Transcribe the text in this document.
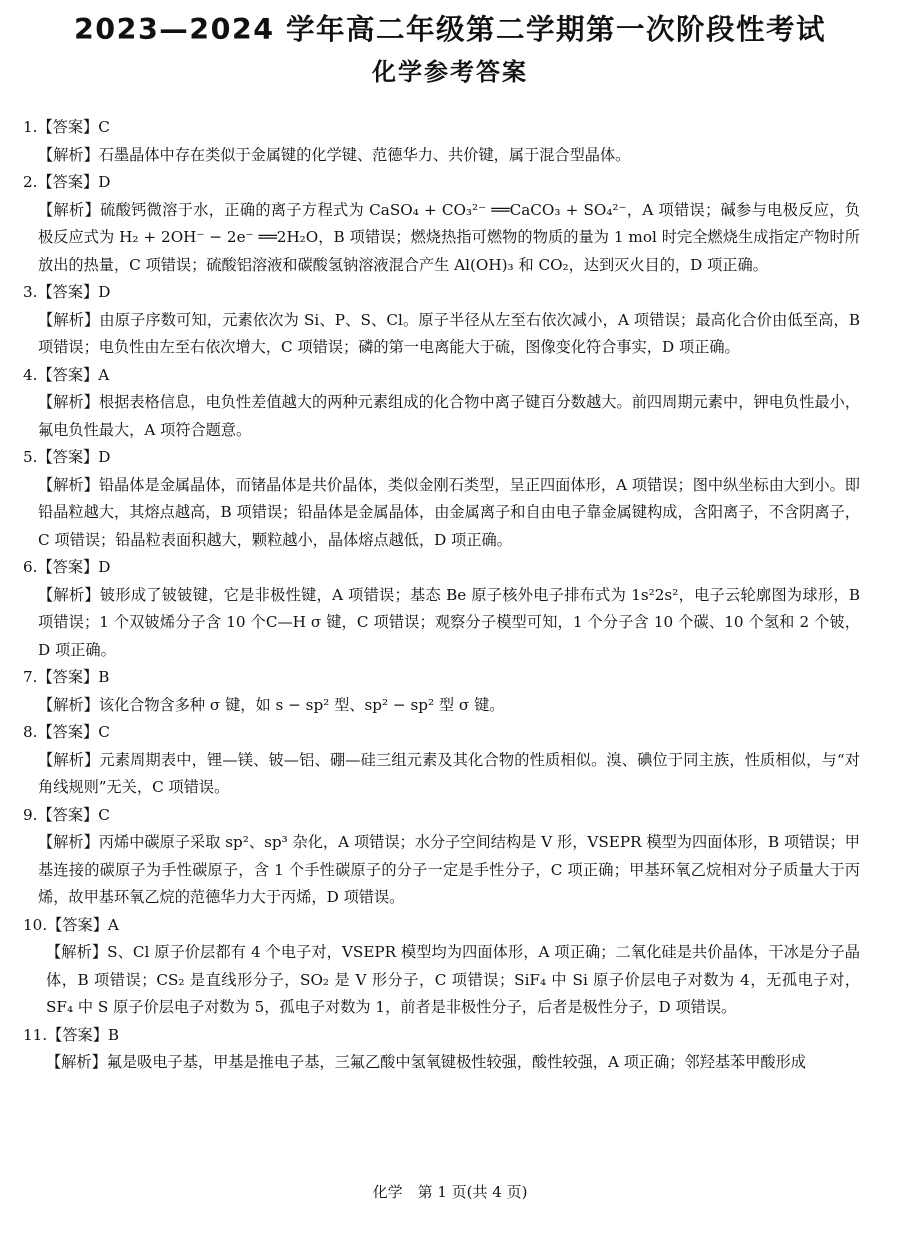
2023—2024 学年高二年级第二学期第一次阶段性考试
化学参考答案
1.【答案】C
【解析】石墨晶体中存在类似于金属键的化学键、范德华力、共价键，属于混合型晶体。
2.【答案】D
【解析】硫酸钙微溶于水，正确的离子方程式为 CaSO₄ + CO₃²⁻ ══CaCO₃ + SO₄²⁻，A 项错误；碱参与电极反应，负极反应式为 H₂ + 2OH⁻ − 2e⁻ ══2H₂O，B 项错误；燃烧热指可燃物的物质的量为 1 mol 时完全燃烧生成指定产物时所放出的热量，C 项错误；硫酸铝溶液和碳酸氢钠溶液混合产生 Al(OH)₃ 和 CO₂，达到灭火目的，D 项正确。
3.【答案】D
【解析】由原子序数可知，元素依次为 Si、P、S、Cl。原子半径从左至右依次减小，A 项错误；最高化合价由低至高，B 项错误；电负性由左至右依次增大，C 项错误；磷的第一电离能大于硫，图像变化符合事实，D 项正确。
4.【答案】A
【解析】根据表格信息，电负性差值越大的两种元素组成的化合物中离子键百分数越大。前四周期元素中，钾电负性最小，氟电负性最大，A 项符合题意。
5.【答案】D
【解析】铅晶体是金属晶体，而锗晶体是共价晶体，类似金刚石类型，呈正四面体形，A 项错误；图中纵坐标由大到小。即铅晶粒越大，其熔点越高，B 项错误；铅晶体是金属晶体，由金属离子和自由电子靠金属键构成，含阳离子，不含阴离子，C 项错误；铅晶粒表面积越大，颗粒越小，晶体熔点越低，D 项正确。
6.【答案】D
【解析】铍形成了铍铍键，它是非极性键，A 项错误；基态 Be 原子核外电子排布式为 1s²2s²，电子云轮廓图为球形，B 项错误；1 个双铍烯分子含 10 个C—H σ 键，C 项错误；观察分子模型可知，1 个分子含 10 个碳、10 个氢和 2 个铍，D 项正确。
7.【答案】B
【解析】该化合物含多种 σ 键，如 s − sp² 型、sp² − sp² 型 σ 键。
8.【答案】C
【解析】元素周期表中，锂—镁、铍—铝、硼—硅三组元素及其化合物的性质相似。溴、碘位于同主族，性质相似，与“对角线规则”无关，C 项错误。
9.【答案】C
【解析】丙烯中碳原子采取 sp²、sp³ 杂化，A 项错误；水分子空间结构是 V 形，VSEPR 模型为四面体形，B 项错误；甲基连接的碳原子为手性碳原子，含 1 个手性碳原子的分子一定是手性分子，C 项正确；甲基环氧乙烷相对分子质量大于丙烯，故甲基环氧乙烷的范德华力大于丙烯，D 项错误。
10.【答案】A
【解析】S、Cl 原子价层都有 4 个电子对，VSEPR 模型均为四面体形，A 项正确；二氧化硅是共价晶体，干冰是分子晶体，B 项错误；CS₂ 是直线形分子，SO₂ 是 V 形分子，C 项错误；SiF₄ 中 Si 原子价层电子对数为 4，无孤电子对，SF₄ 中 S 原子价层电子对数为 5，孤电子对数为 1，前者是非极性分子，后者是极性分子，D 项错误。
11.【答案】B
【解析】氟是吸电子基，甲基是推电子基，三氟乙酸中氢氧键极性较强，酸性较强，A 项正确；邻羟基苯甲酸形成
化学　第 1 页(共 4 页)
